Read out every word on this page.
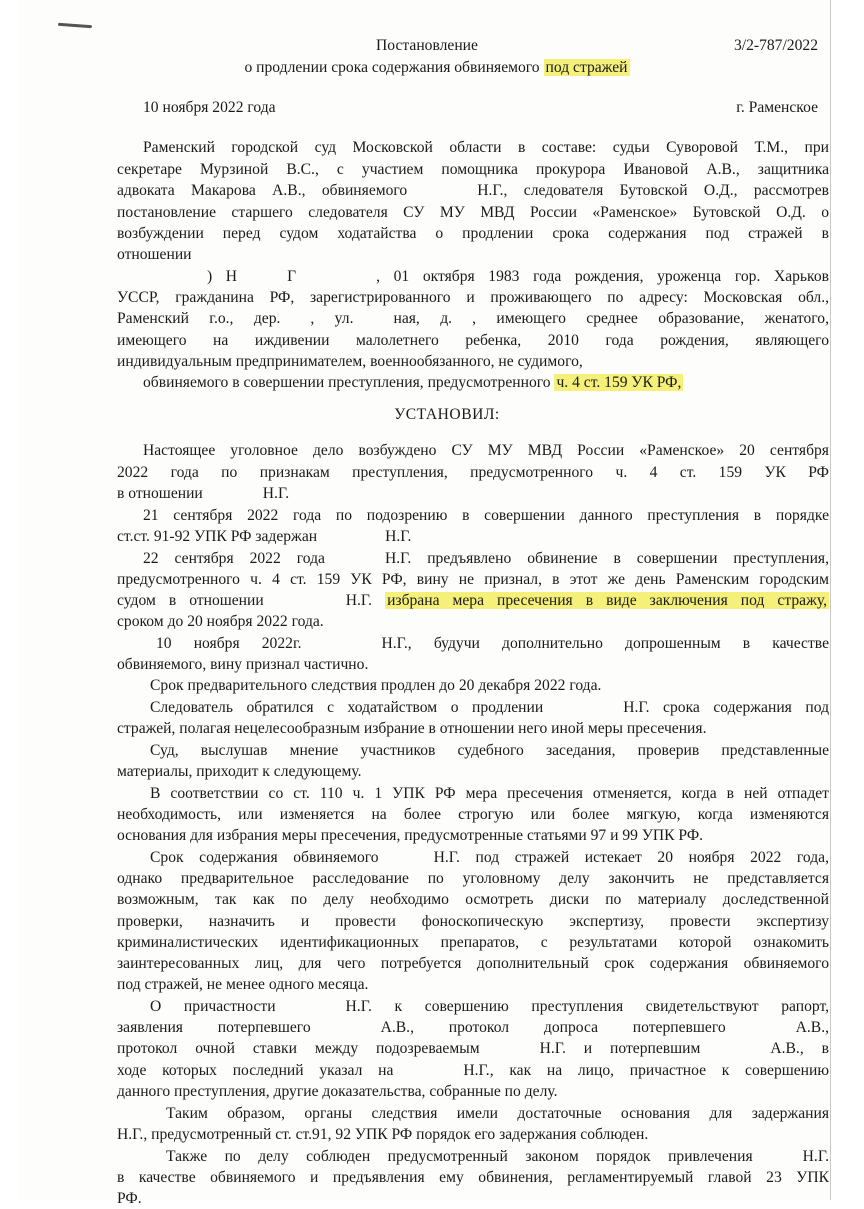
Постановление	3/2-787/2022
о продлении срока содержания обвиняемого под стражей
10 ноября 2022 года	г. Раменское
Раменский городской суд Московской области в составе: судьи Суворовой Т.М., при
секретаре Мурзиной В.С., с участием помощника прокурора Ивановой А.В., защитника
адвоката Макарова А.В., обвиняемого	Н.Г., следователя Бутовской О.Д., рассмотрев
постановление старшего следователя СУ МУ МВД России «Раменское» Бутовской О.Д. о
возбуждении перед судом ходатайства о продлении срока содержания под стражей в
отношении
) Н	Г	, 01 октября 1983 года рождения, уроженца гор. Харьков
УССР, гражданина РФ, зарегистрированного и проживающего по адресу: Московская обл.,
Раменский г.о., дер. , ул.	ная, д. , имеющего среднее образование, женатого,
имеющего на иждивении малолетнего ребенка, 2010 года рождения, являющего
индивидуальным предпринимателем, военнообязанного, не судимого,
обвиняемого в совершении преступления, предусмотренного ч. 4 ст. 159 УК РФ,
УСТАНОВИЛ:
Настоящее уголовное дело возбуждено СУ МУ МВД России «Раменское» 20 сентября
2022 года по признакам преступления, предусмотренного ч. 4 ст. 159 УК РФ
в отношении	Н.Г.
21 сентября 2022 года по подозрению в совершении данного преступления в порядке
ст.ст. 91-92 УПК РФ задержан	Н.Г.
22 сентября 2022 года	Н.Г. предъявлено обвинение в совершении преступления,
предусмотренного ч. 4 ст. 159 УК РФ, вину не признал, в этот же день Раменским городским
судом в отношении	Н.Г. избрана мера пресечения в виде заключения под стражу,
сроком до 20 ноября 2022 года.
10 ноября 2022г.	Н.Г., будучи дополнительно допрошенным в качестве
обвиняемого, вину признал частично.
Срок предварительного следствия продлен до 20 декабря 2022 года.
Следователь обратился с ходатайством о продлении	Н.Г. срока содержания под
стражей, полагая нецелесообразным избрание в отношении него иной меры пресечения.
Суд, выслушав мнение участников судебного заседания, проверив представленные
материалы, приходит к следующему.
В соответствии со ст. 110 ч. 1 УПК РФ мера пресечения отменяется, когда в ней отпадет
необходимость, или изменяется на более строгую или более мягкую, когда изменяются
основания для избрания меры пресечения, предусмотренные статьями 97 и 99 УПК РФ.
Срок содержания обвиняемого	Н.Г. под стражей истекает 20 ноября 2022 года,
однако предварительное расследование по уголовному делу закончить не представляется
возможным, так как по делу необходимо осмотреть диски по материалу доследственной
проверки, назначить и провести фоноскопическую экспертизу, провести экспертизу
криминалистических идентификационных препаратов, с результатами которой ознакомить
заинтересованных лиц, для чего потребуется дополнительный срок содержания обвиняемого
под стражей, не менее одного месяца.
О причастности	Н.Г. к совершению преступления свидетельствуют рапорт,
заявления потерпевшего	А.В., протокол допроса потерпевшего	А.В.,
протокол очной ставки между подозреваемым	Н.Г. и потерпевшим	А.В., в
ходе которых последний указал на	Н.Г., как на лицо, причастное к совершению
данного преступления, другие доказательства, собранные по делу.
Таким образом, органы следствия имели достаточные основания для задержания
Н.Г., предусмотренный ст. ст.91, 92 УПК РФ порядок его задержания соблюден.
Также по делу соблюден предусмотренный законом порядок привлечения	Н.Г.
в качестве обвиняемого и предъявления ему обвинения, регламентируемый главой 23 УПК
РФ.
